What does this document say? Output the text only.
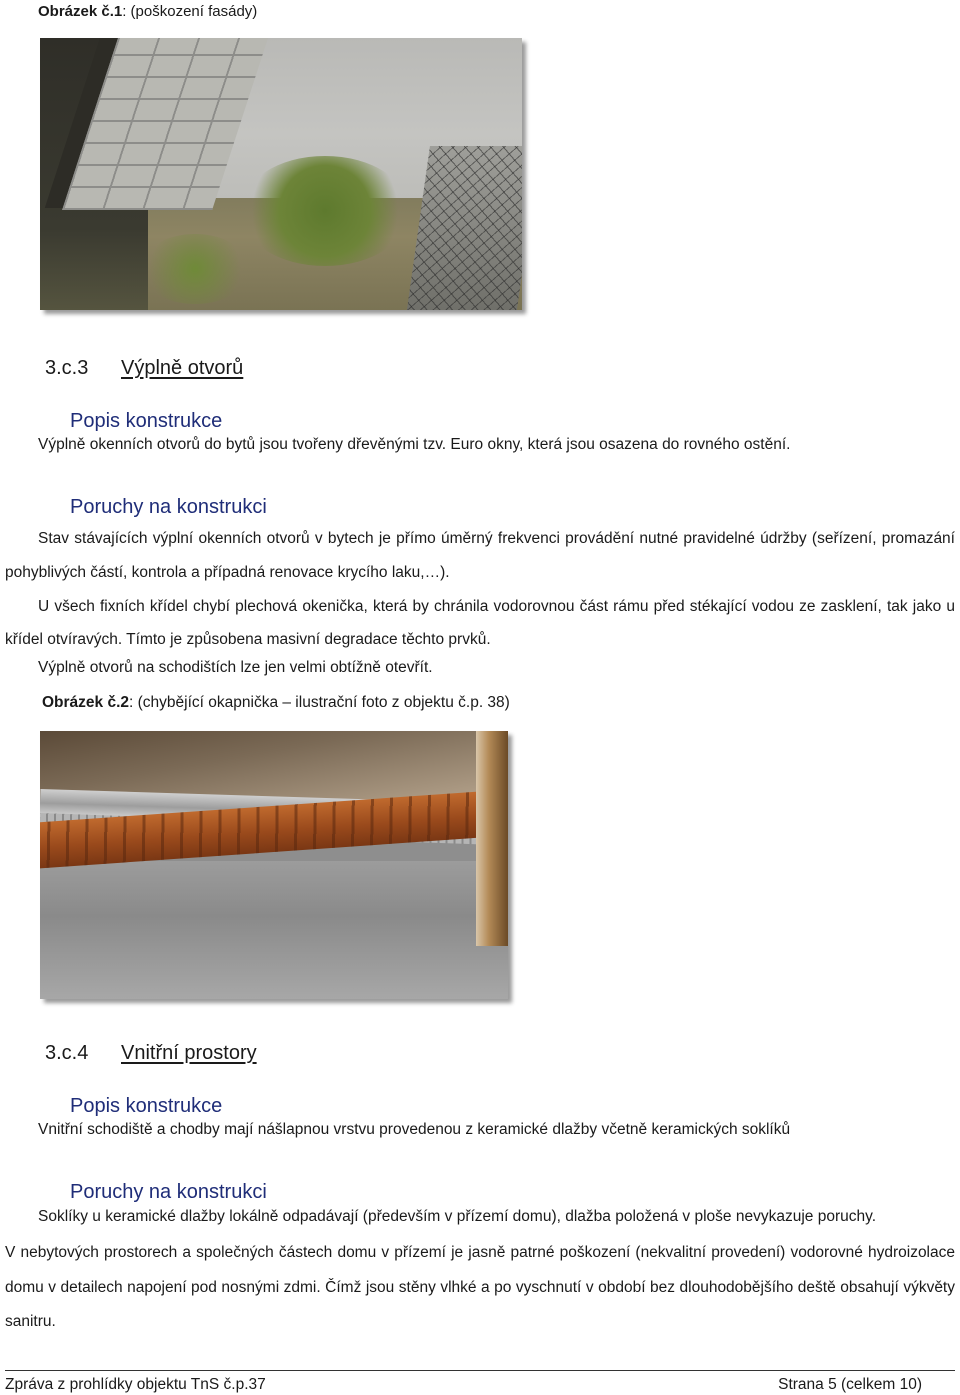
Obrázek č.1: (poškození fasády)
3.c.3 Výplně otvorů
Popis konstrukce
Výplně okenních otvorů do bytů jsou tvořeny dřevěnými tzv. Euro okny, která jsou osazena do rovného ostění.
Poruchy na konstrukci
Stav stávajících výplní okenních otvorů v bytech je přímo úměrný frekvenci provádění nutné pravidelné údržby (seřízení, promazání pohyblivých částí, kontrola a případná renovace krycího laku,…).
U všech fixních křídel chybí plechová okenička, která by chránila vodorovnou část rámu před stékající vodou ze zasklení, tak jako u křídel otvíravých. Tímto je způsobena masivní degradace těchto prvků.
Výplně otvorů na schodištích lze jen velmi obtížně otevřít.
Obrázek č.2: (chybějící okapnička – ilustrační foto z objektu č.p. 38)
3.c.4 Vnitřní prostory
Popis konstrukce
Vnitřní schodiště a chodby mají nášlapnou vrstvu provedenou z keramické dlažby včetně keramických soklíků
Poruchy na konstrukci
Soklíky u keramické dlažby lokálně odpadávají (především v přízemí domu), dlažba položená v ploše nevykazuje poruchy.
V nebytových prostorech a společných částech domu v přízemí je jasně patrné poškození (nekvalitní provedení) vodorovné hydroizolace domu v detailech napojení pod nosnými zdmi. Čímž jsou stěny vlhké a po vyschnutí v období bez dlouhodobějšího deště obsahují výkvěty sanitru.
Zpráva z prohlídky objektu TnS č.p.37	Strana 5 (celkem 10)
